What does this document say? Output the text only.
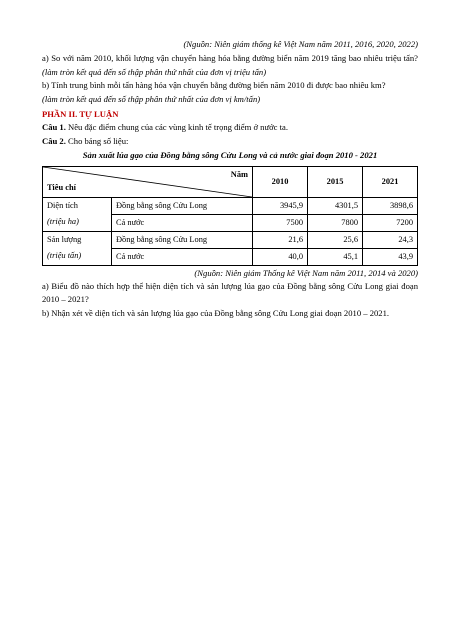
(Nguồn: Niên giám thống kê Việt Nam năm 2011, 2016, 2020, 2022)

a) So với năm 2010, khối lượng vận chuyển hàng hóa bằng đường biển năm 2019 tăng bao nhiêu triệu tấn? (làm tròn kết quả đến số thập phân thứ nhất của đơn vị triệu tấn)

b) Tính trung bình mỗi tấn hàng hóa vận chuyển bằng đường biển năm 2010 đi được bao nhiêu km?

(làm tròn kết quả đến số thập phân thứ nhất của đơn vị km/tấn)

PHẦN II. TỰ LUẬN

Câu 1. Nêu đặc điểm chung của các vùng kinh tế trọng điểm ở nước ta.

Câu 2. Cho bảng số liệu:

Sản xuất lúa gạo của Đồng bằng sông Cửu Long và cả nước giai đoạn 2010 - 2021

Năm
Tiêu chí		2010	2015	2021
Diện tích	Đồng bằng sông Cửu Long	3945,9	4301,5	3898,6
(triệu ha)	Cả nước	7500	7800	7200
Sản lượng	Đồng bằng sông Cửu Long	21,6	25,6	24,3
(triệu tấn)	Cả nước	40,0	45,1	43,9

(Nguồn: Niên giám Thống kê Việt Nam năm 2011, 2014 và 2020)

a) Biểu đồ nào thích hợp thể hiện diện tích và sản lượng lúa gạo của Đồng bằng sông Cửu Long giai đoạn 2010 – 2021?

b) Nhận xét về diện tích và sản lượng lúa gạo của Đồng bằng sông Cửu Long giai đoạn 2010 – 2021.
